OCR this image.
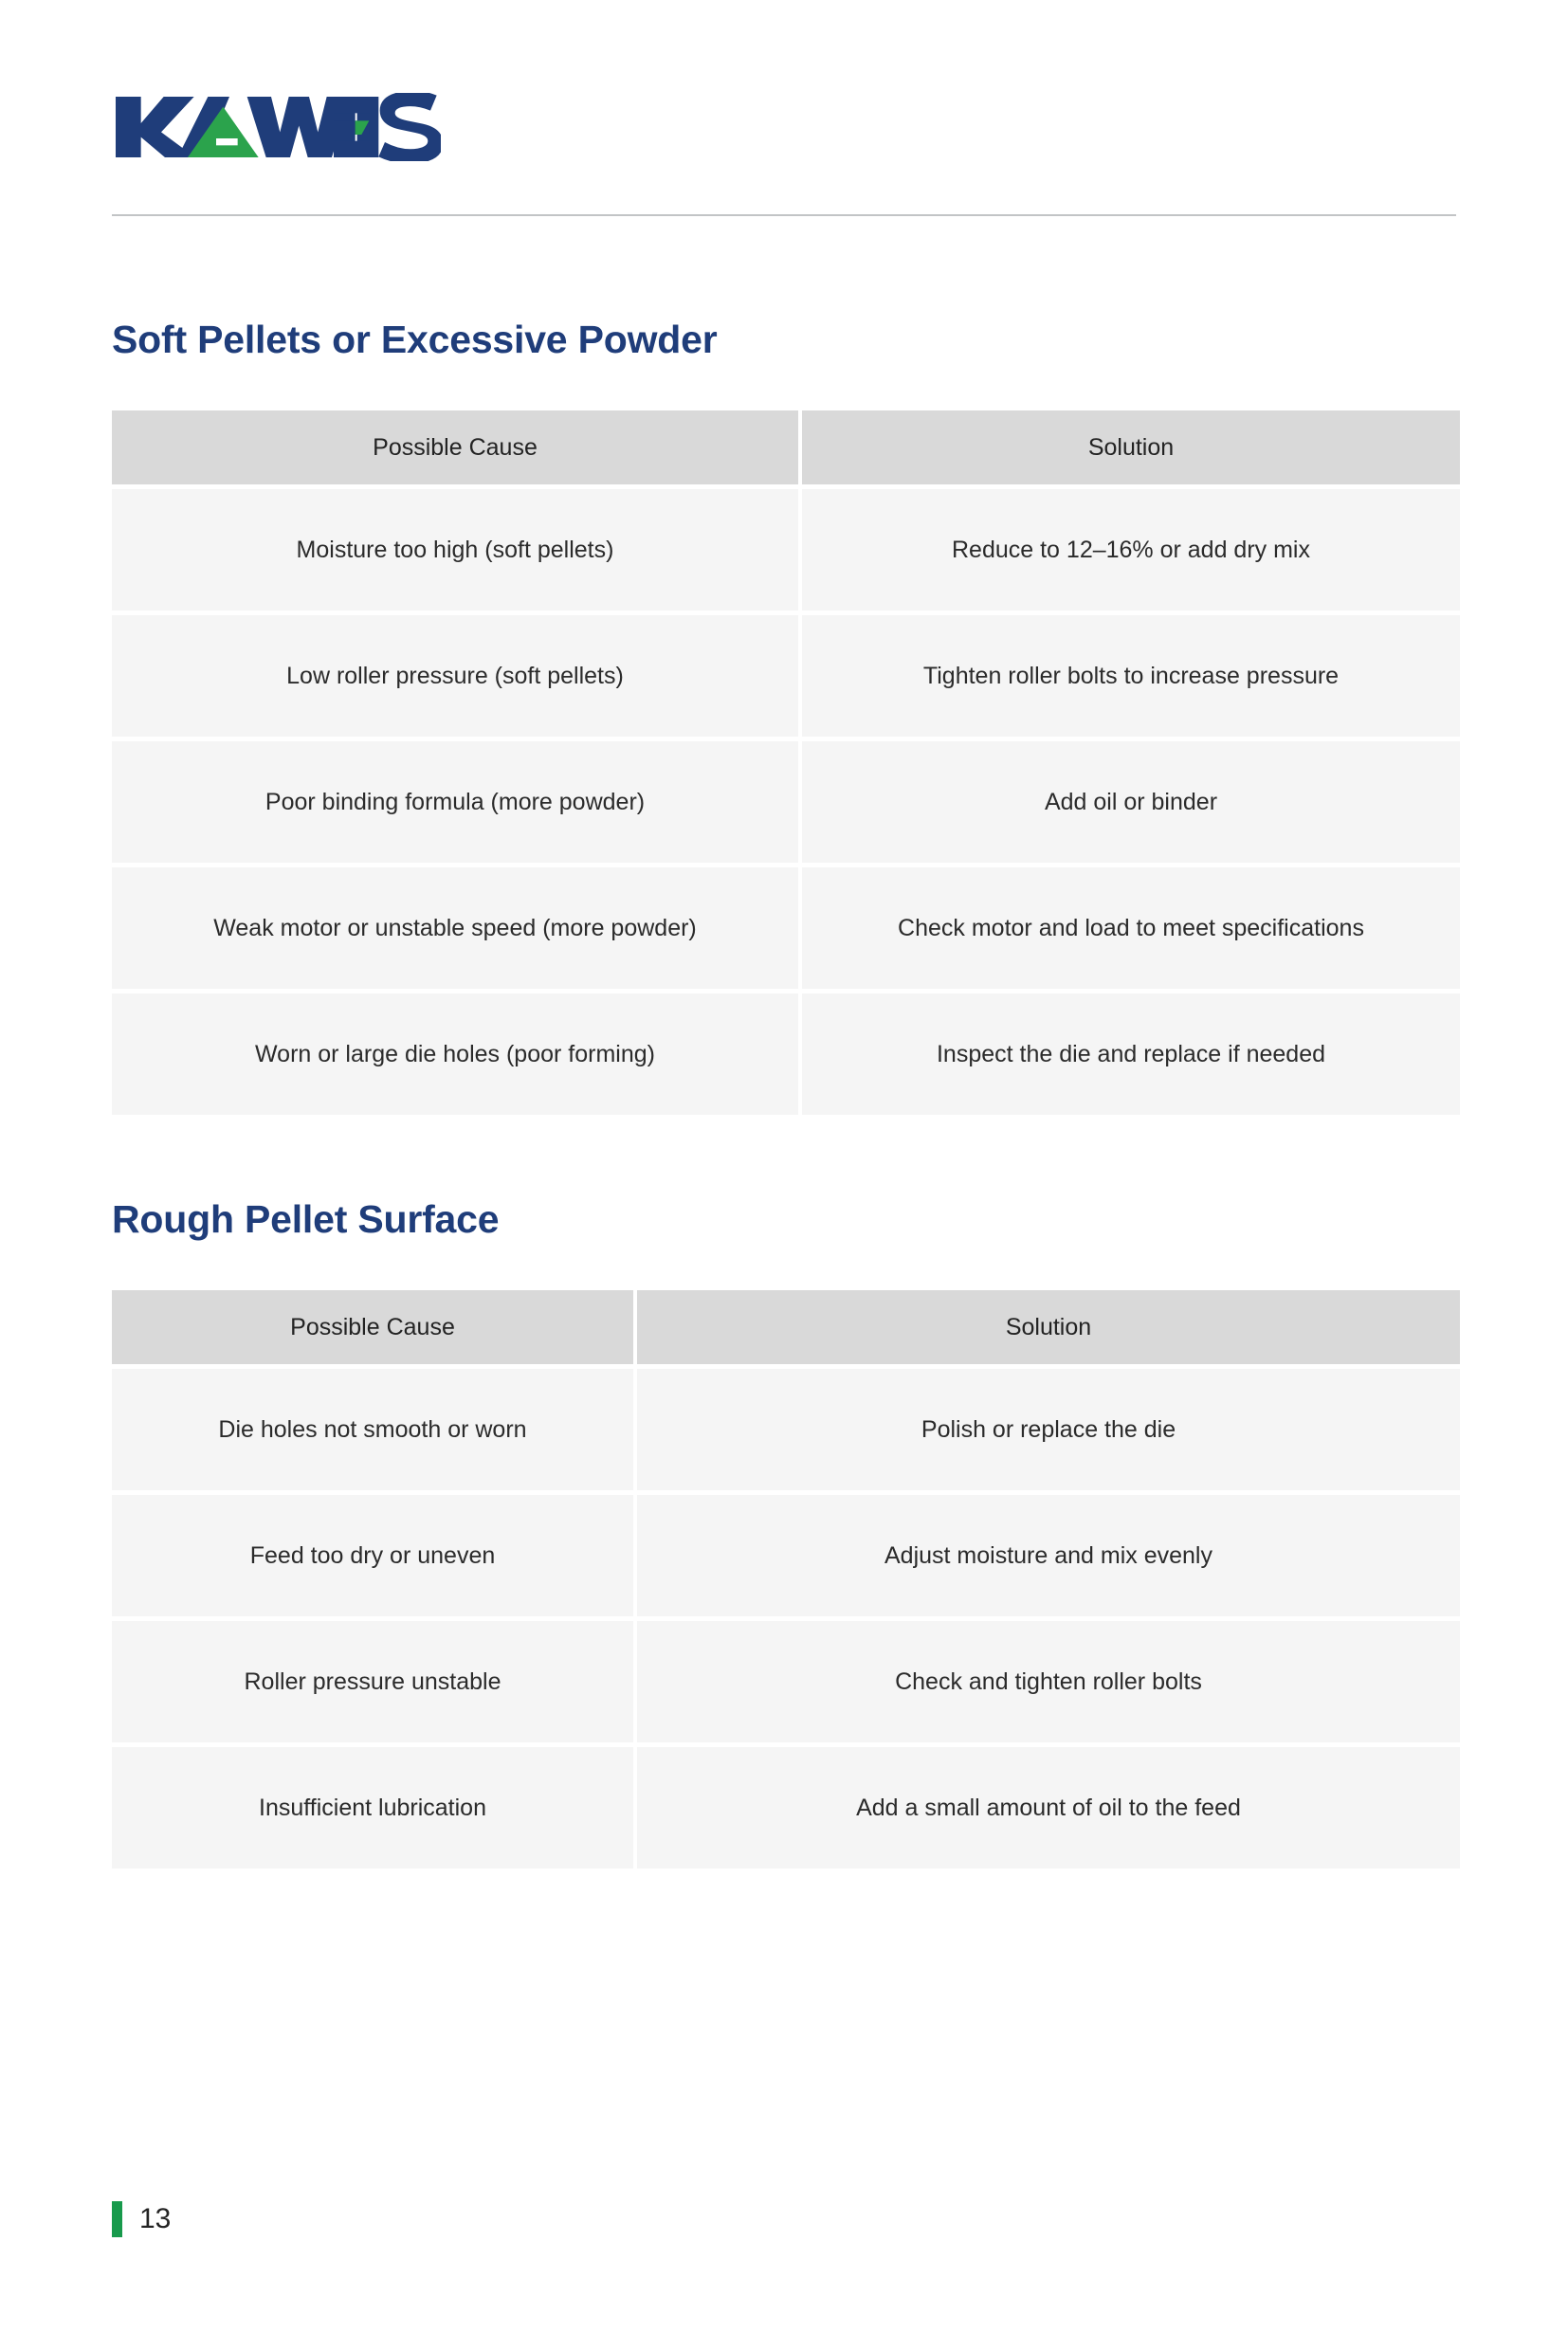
Soft Pellets or Excessive Powder
Possible Cause	Solution
Moisture too high (soft pellets)	Reduce to 12–16% or add dry mix
Low roller pressure (soft pellets)	Tighten roller bolts to increase pressure
Poor binding formula (more powder)	Add oil or binder
Weak motor or unstable speed (more powder)	Check motor and load to meet specifications
Worn or large die holes (poor forming)	Inspect the die and replace if needed
Rough Pellet Surface
Possible Cause	Solution
Die holes not smooth or worn	Polish or replace the die
Feed too dry or uneven	Adjust moisture and mix evenly
Roller pressure unstable	Check and tighten roller bolts
Insufficient lubrication	Add a small amount of oil to the feed
13
